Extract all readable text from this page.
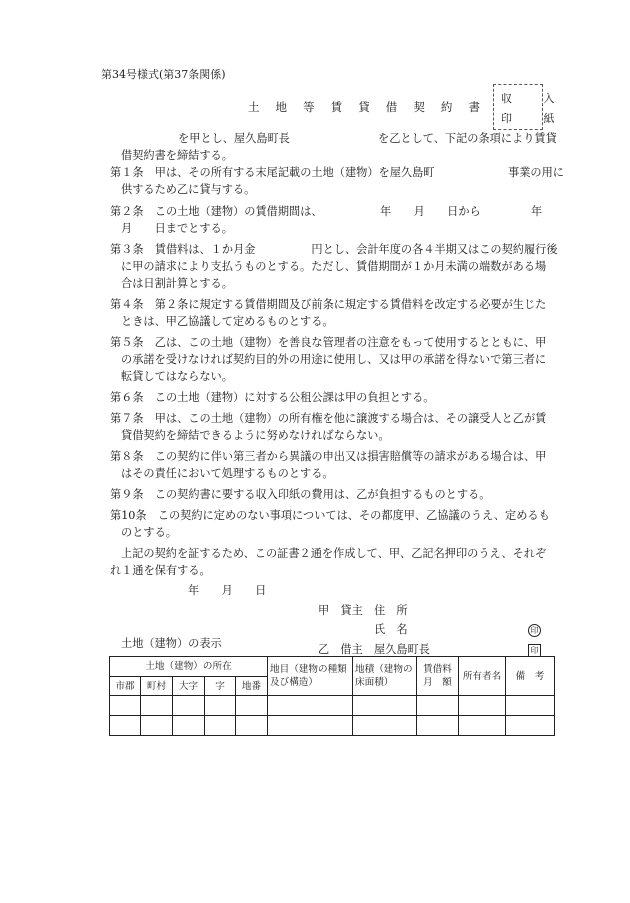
第34号様式(第37条関係)
土 地 等 賃 貸 借 契 約 書
収 入
印 紙
を甲とし、屋久島町長	を乙として、下記の条項により賃貸
借契約書を締結する。
第１条　甲は、その所有する末尾記載の土地（建物）を屋久島町	事業の用に
供するため乙に貸与する。
第２条　この土地（建物）の賃借期間は、	年　　月　　日から	年
月　　日までとする。
第３条　賃借料は、１か月金　　　　　円とし、会計年度の各４半期又はこの契約履行後
に甲の請求により支払うものとする。ただし、賃借期間が１か月未満の端数がある場
合は日割計算とする。
第４条　第２条に規定する賃借期間及び前条に規定する賃借料を改定する必要が生じた
ときは、甲乙協議して定めるものとする。
第５条　乙は、この土地（建物）を善良な管理者の注意をもって使用するとともに、甲
の承諾を受けなければ契約目的外の用途に使用し、又は甲の承諾を得ないで第三者に
転貸してはならない。
第６条　この土地（建物）に対する公租公課は甲の負担とする。
第７条　甲は、この土地（建物）の所有権を他に譲渡する場合は、その譲受人と乙が賃
貸借契約を締結できるように努めなければならない。
第８条　この契約に伴い第三者から異議の申出又は損害賠償等の請求がある場合は、甲
はその責任において処理するものとする。
第９条　この契約書に要する収入印紙の費用は、乙が負担するものとする。
第10条　この契約に定めのない事項については、その都度甲、乙協議のうえ、定めるも
のとする。
上記の契約を証するため、この証書２通を作成して、甲、乙記名押印のうえ、それぞ
れ１通を保有する。
年　　月　　日
甲　貸主　住　所
氏　名	印
乙　借主　屋久島町長	印
土地（建物）の表示
土地（建物）の所在					地目（建物の種類及び構造）	地積（建物の床面積）	賃借料月　額	所有者名	備　考
市郡	町村	大字	字	地番					
